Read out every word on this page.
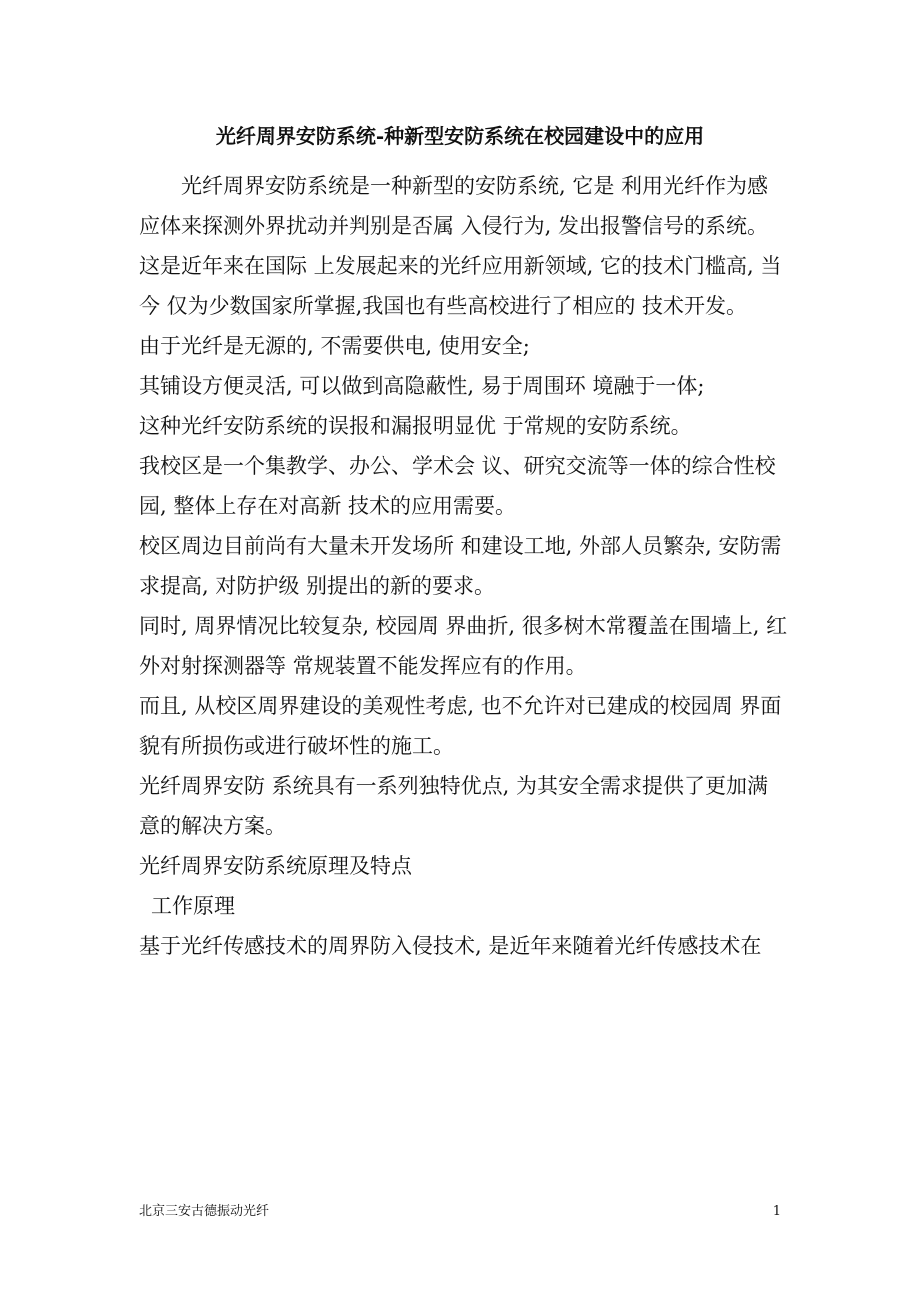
光纤周界安防系统-种新型安防系统在校园建设中的应用

光纤周界安防系统是一种新型的安防系统, 它是 利用光纤作为感应体来探测外界扰动并判别是否属 入侵行为, 发出报警信号的系统。

这是近年来在国际 上发展起来的光纤应用新领域, 它的技术门槛高, 当今 仅为少数国家所掌握,我国也有些高校进行了相应的 技术开发。

由于光纤是无源的, 不需要供电, 使用安全;

其铺设方便灵活, 可以做到高隐蔽性, 易于周围环 境融于一体;

这种光纤安防系统的误报和漏报明显优 于常规的安防系统。

我校区是一个集教学、办公、学术会 议、研究交流等一体的综合性校园, 整体上存在对高新 技术的应用需要。

校区周边目前尚有大量未开发场所 和建设工地, 外部人员繁杂, 安防需求提高, 对防护级 别提出的新的要求。

同时, 周界情况比较复杂, 校园周 界曲折, 很多树木常覆盖在围墙上, 红外对射探测器等 常规装置不能发挥应有的作用。

而且, 从校区周界建设的美观性考虑, 也不允许对已建成的校园周 界面貌有所损伤或进行破坏性的施工。

光纤周界安防 系统具有一系列独特优点, 为其安全需求提供了更加满意的解决方案。

光纤周界安防系统原理及特点

工作原理

基于光纤传感技术的周界防入侵技术, 是近年来随着光纤传感技术在

北京三安古德振动光纤	1
